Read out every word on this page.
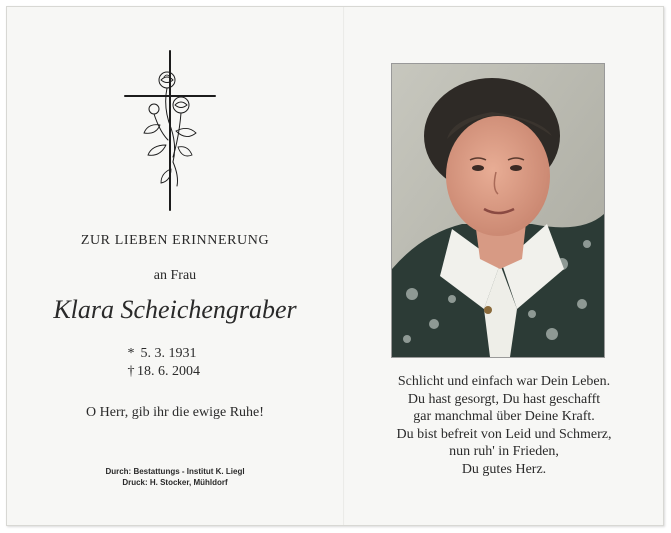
ZUR LIEBEN ERINNERUNG
an Frau
Klara Scheichengraber
* 5. 3. 1931
† 18. 6. 2004
O Herr, gib ihr die ewige Ruhe!
Durch: Bestattungs - Institut K. Liegl
Druck: H. Stocker, Mühldorf
Schlicht und einfach war Dein Leben.
Du hast gesorgt, Du hast geschafft
gar manchmal über Deine Kraft.
Du bist befreit von Leid und Schmerz,
nun ruh' in Frieden,
Du gutes Herz.
